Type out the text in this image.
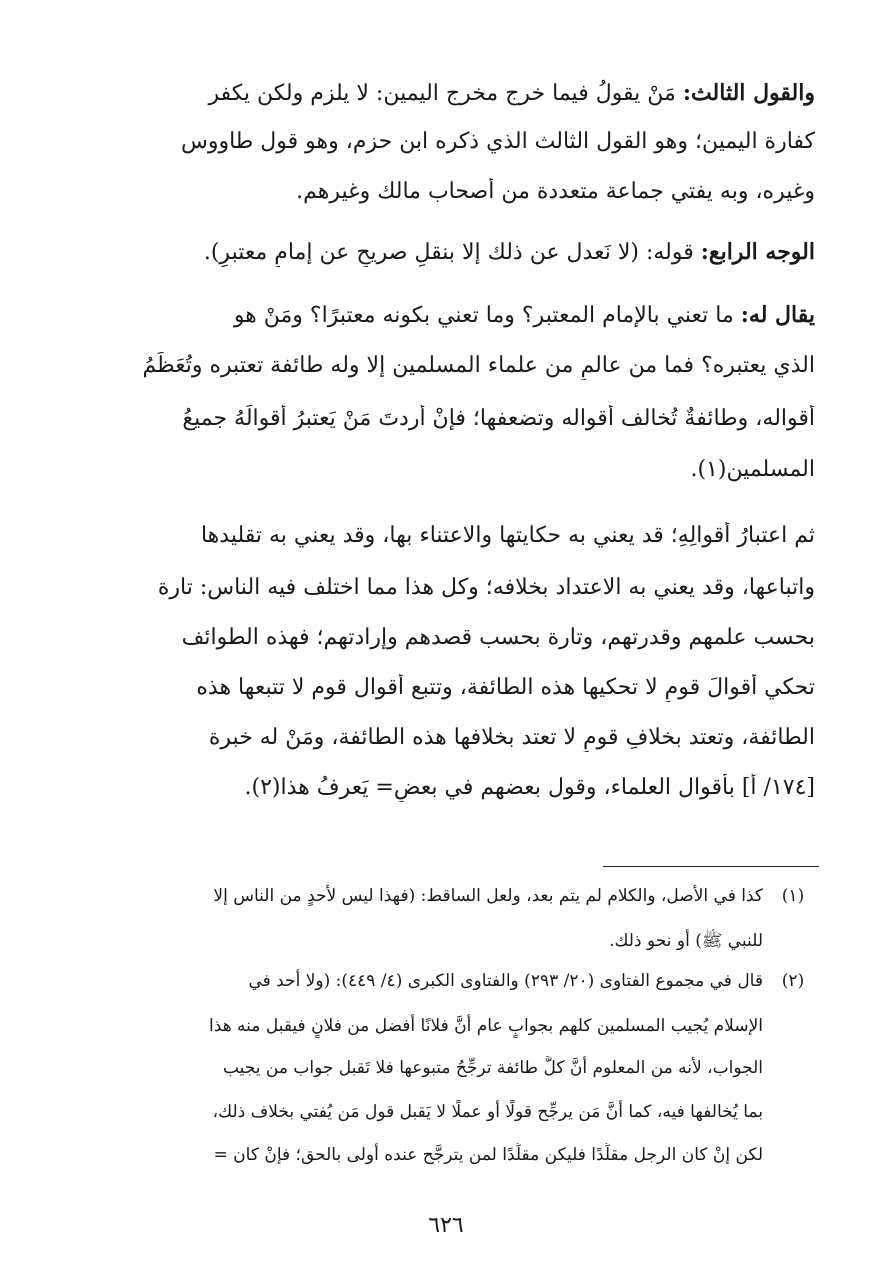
والقول الثالث: مَنْ يقولُ فيما خرج مخرج اليمين: لا يلزم ولكن يكفر
كفارة اليمين؛ وهو القول الثالث الذي ذكره ابن حزم، وهو قول طاووس
وغيره، وبه يفتي جماعة متعددة من أصحاب مالك وغيرهم.
الوجه الرابع: قوله: (لا نَعدل عن ذلك إلا بنقلٍ صريحٍ عن إمامٍ معتبرٍ).
يقال له: ما تعني بالإمام المعتبر؟ وما تعني بكونه معتبرًا؟ ومَنْ هو
الذي يعتبره؟ فما من عالمٍ من علماء المسلمين إلا وله طائفة تعتبره وتُعَظِّمُ
أقواله، وطائفةٌ تُخالف أقواله وتضعفها؛ فإنْ أَردتَ مَنْ يَعتبرُ أقوالَهُ جميعُ
المسلمين(١).
ثم اعتبارُ أقوالِهِ؛ قد يعني به حكايتها والاعتناء بها، وقد يعني به تقليدها
واتباعها، وقد يعني به الاعتداد بخلافه؛ وكل هذا مما اختلف فيه الناس: تارة
بحسب علمهم وقدرتهم، وتارة بحسب قصدهم وإرادتهم؛ فهذه الطوائف
تحكي أقوالَ قومٍ لا تحكيها هذه الطائفة، وتتبع أقوال قوم لا تتبعها هذه
الطائفة، وتعتد بخلافِ قومٍ لا تعتد بخلافها هذه الطائفة، ومَنْ له خبرة
[١٧٤/ أ] بأقوال العلماء، وقول بعضهم في بعضٍ= يَعرفُ هذا(٢).
(١)
كذا في الأصل، والكلام لم يتم بعد، ولعل الساقط: (فهذا ليس لأحدٍ من الناس إلا
للنبي ﷺ) أو نحو ذلك.
(٢)
قال في مجموع الفتاوى (٢٠/ ٢٩٣) والفتاوى الكبرى (٤/ ٤٤٩): (ولا أحد في
الإسلام يُجيب المسلمين كلهم بجوابٍ عام أنَّ فلانًا أفضل من فلانٍ فيقبل منه هذا
الجواب، لأنه من المعلوم أنَّ كلَّ طائفة ترجِّحُ متبوعها فلا تَقبل جواب من يجيب
بما يُخالفها فيه، كما أنَّ مَن يرجِّح قولًا أو عملًا لا يَقبل قول مَن يُفتي بخلاف ذلك،
لكن إنْ كان الرجل مقلِّدًا فليكن مقلِّدًا لمن يترجَّح عنده أولى بالحق؛ فإنْ كان =
٦٢٦
